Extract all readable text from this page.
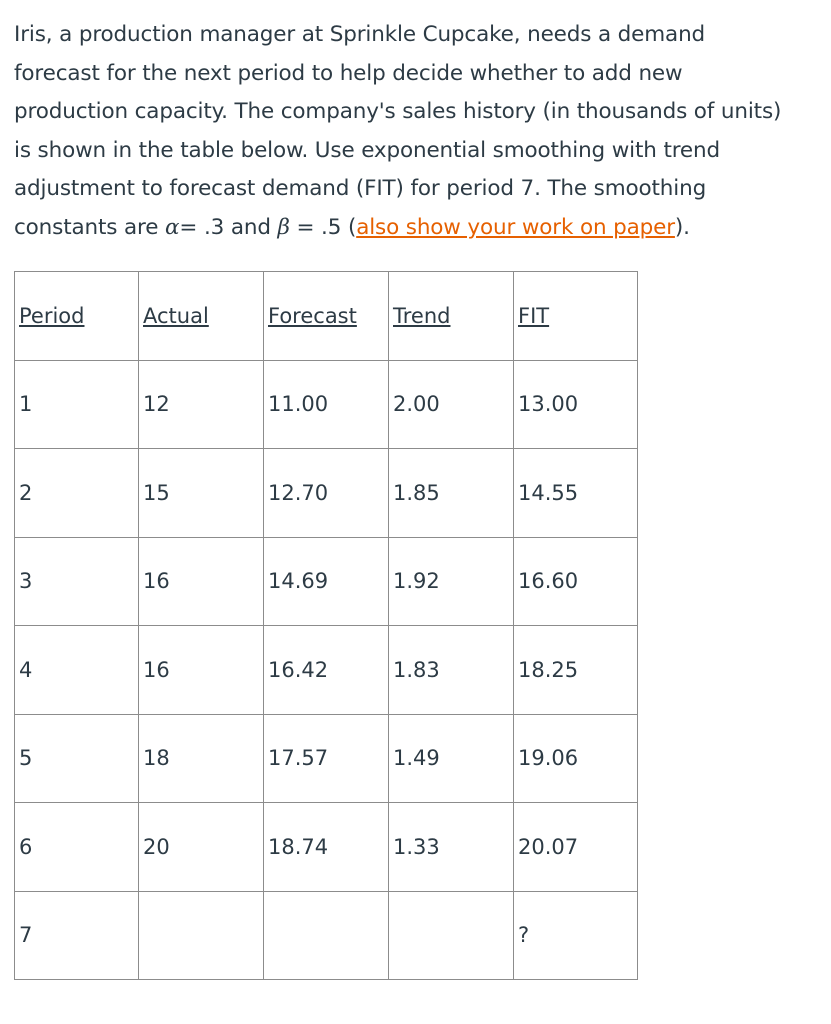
Iris, a production manager at Sprinkle Cupcake, needs a demand
forecast for the next period to help decide whether to add new
production capacity. The company's sales history (in thousands of units)
is shown in the table below. Use exponential smoothing with trend
adjustment to forecast demand (FIT) for period 7. The smoothing
constants are α= .3 and β = .5 (also show your work on paper).
Period	Actual	Forecast	Trend	FIT
1	12	11.00	2.00	13.00
2	15	12.70	1.85	14.55
3	16	14.69	1.92	16.60
4	16	16.42	1.83	18.25
5	18	17.57	1.49	19.06
6	20	18.74	1.33	20.07
7				?
